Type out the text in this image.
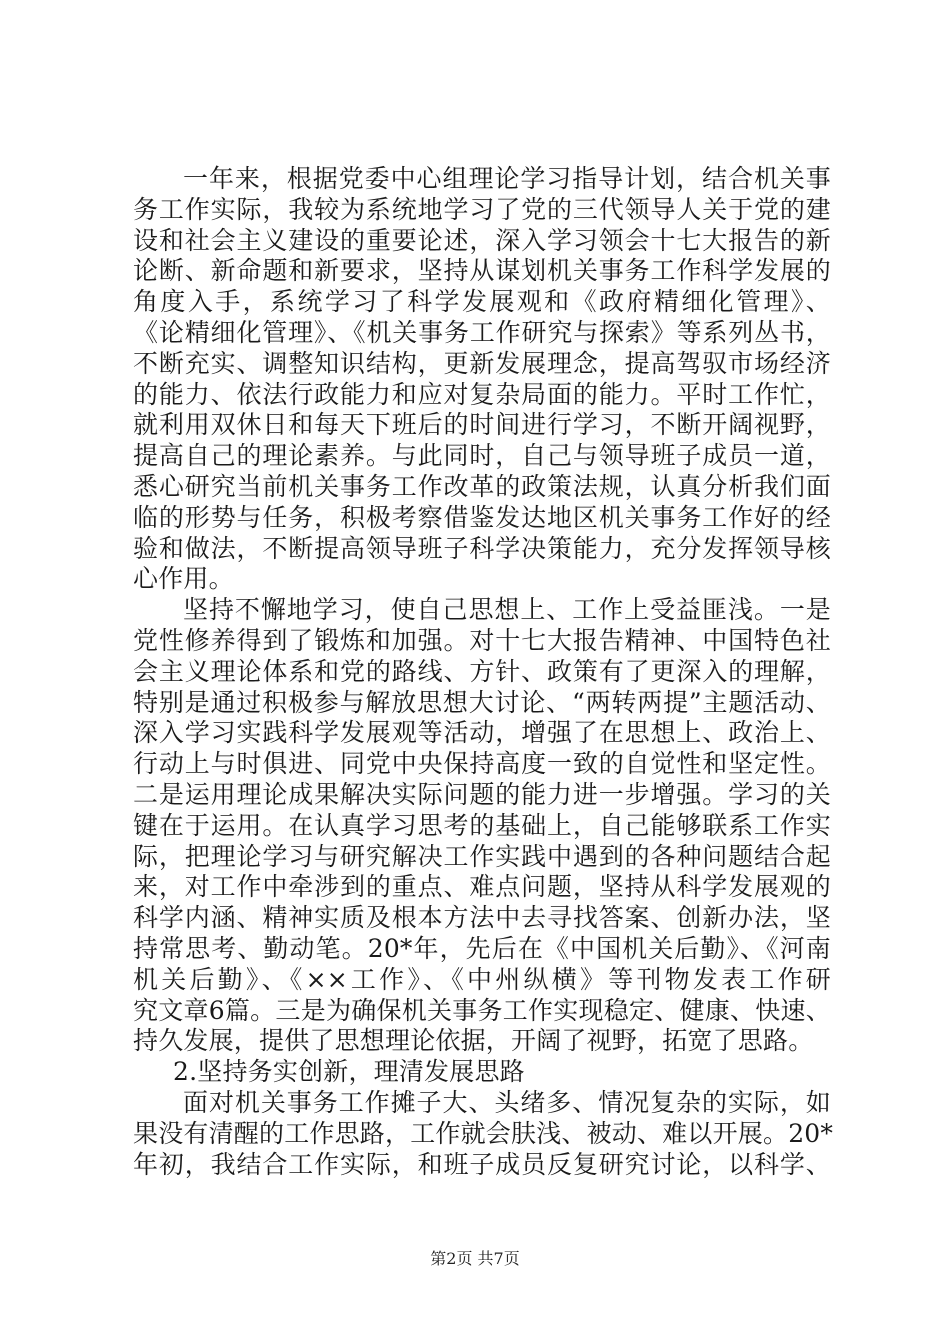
一年来，根据党委中心组理论学习指导计划，结合机关事
务工作实际，我较为系统地学习了党的三代领导人关于党的建
设和社会主义建设的重要论述，深入学习领会十七大报告的新
论断、新命题和新要求，坚持从谋划机关事务工作科学发展的
角度入手，系统学习了科学发展观和《政府精细化管理》、
《论精细化管理》、《机关事务工作研究与探索》等系列丛书，
不断充实、调整知识结构，更新发展理念，提高驾驭市场经济
的能力、依法行政能力和应对复杂局面的能力。平时工作忙，
就利用双休日和每天下班后的时间进行学习，不断开阔视野，
提高自己的理论素养。与此同时，自己与领导班子成员一道，
悉心研究当前机关事务工作改革的政策法规，认真分析我们面
临的形势与任务，积极考察借鉴发达地区机关事务工作好的经
验和做法，不断提高领导班子科学决策能力，充分发挥领导核
心作用。
坚持不懈地学习，使自己思想上、工作上受益匪浅。一是
党性修养得到了锻炼和加强。对十七大报告精神、中国特色社
会主义理论体系和党的路线、方针、政策有了更深入的理解，
特别是通过积极参与解放思想大讨论、“两转两提”主题活动、
深入学习实践科学发展观等活动，增强了在思想上、政治上、
行动上与时俱进、同党中央保持高度一致的自觉性和坚定性。
二是运用理论成果解决实际问题的能力进一步增强。学习的关
键在于运用。在认真学习思考的基础上，自己能够联系工作实
际，把理论学习与研究解决工作实践中遇到的各种问题结合起
来，对工作中牵涉到的重点、难点问题，坚持从科学发展观的
科学内涵、精神实质及根本方法中去寻找答案、创新办法，坚
持常思考、勤动笔。20*年，先后在《中国机关后勤》、《河南
机关后勤》、《××工作》、《中州纵横》等刊物发表工作研
究文章6篇。三是为确保机关事务工作实现稳定、健康、快速、
持久发展，提供了思想理论依据，开阔了视野，拓宽了思路。
2.坚持务实创新，理清发展思路
面对机关事务工作摊子大、头绪多、情况复杂的实际，如
果没有清醒的工作思路，工作就会肤浅、被动、难以开展。20*
年初，我结合工作实际，和班子成员反复研究讨论，以科学、
第2页 共7页
